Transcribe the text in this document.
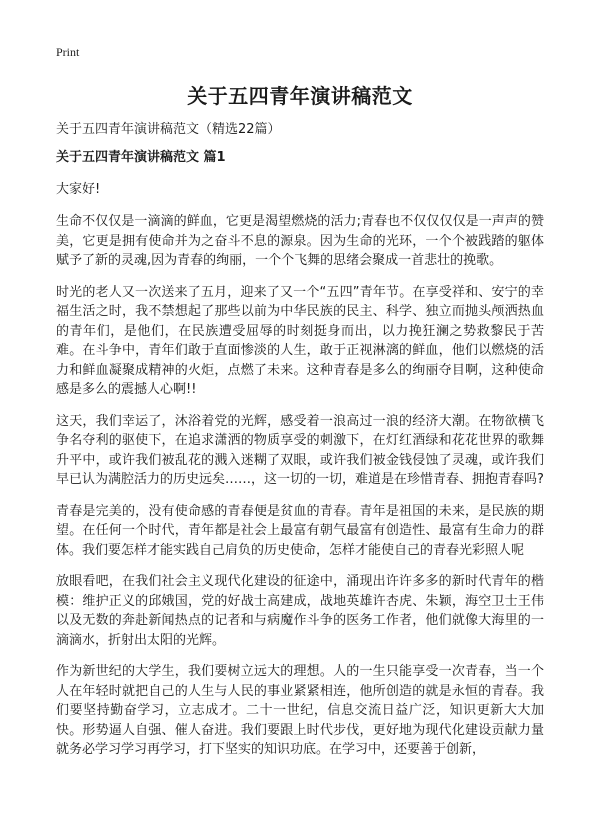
Print
关于五四青年演讲稿范文
关于五四青年演讲稿范文（精选22篇）
关于五四青年演讲稿范文 篇1
大家好!

生命不仅仅是一滴滴的鲜血，它更是渴望燃烧的活力;青春也不仅仅仅仅是一声声的赞美，它更是拥有使命并为之奋斗不息的源泉。因为生命的光环，一个个被践踏的躯体赋予了新的灵魂,因为青春的绚丽，一个个飞舞的思绪会聚成一首悲壮的挽歌。

时光的老人又一次送来了五月，迎来了又一个“五四”青年节。在享受祥和、安宁的幸福生活之时，我不禁想起了那些以前为中华民族的民主、科学、独立而抛头颅洒热血的青年们，是他们，在民族遭受屈辱的时刻挺身而出，以力挽狂澜之势救黎民于苦难。在斗争中，青年们敢于直面惨淡的人生，敢于正视淋漓的鲜血，他们以燃烧的活力和鲜血凝聚成精神的火炬，点燃了未来。这种青春是多么的绚丽夺目啊，这种使命感是多么的震撼人心啊!!

这天，我们幸运了，沐浴着党的光辉，感受着一浪高过一浪的经济大潮。在物欲横飞争名夺利的驱使下，在追求潇洒的物质享受的刺激下，在灯红酒绿和花花世界的歌舞升平中，或许我们被乱花的溅入迷糊了双眼，或许我们被金钱侵蚀了灵魂，或许我们早已认为满腔活力的历史远矣……，这一切的一切，难道是在珍惜青春、拥抱青春吗?

青春是完美的，没有使命感的青春便是贫血的青春。青年是祖国的未来，是民族的期望。在任何一个时代，青年都是社会上最富有朝气最富有创造性、最富有生命力的群体。我们要怎样才能实践自己肩负的历史使命，怎样才能使自己的青春光彩照人呢

放眼看吧，在我们社会主义现代化建设的征途中，涌现出许许多多的新时代青年的楷模：维护正义的邱娥国，党的好战士高建成，战地英雄许杏虎、朱颖，海空卫士王伟以及无数的奔赴新闻热点的记者和与病魔作斗争的医务工作者，他们就像大海里的一滴滴水，折射出太阳的光辉。

作为新世纪的大学生，我们要树立远大的理想。人的一生只能享受一次青春，当一个人在年轻时就把自己的人生与人民的事业紧紧相连，他所创造的就是永恒的青春。我们要坚持勤奋学习，立志成才。二十一世纪，信息交流日益广泛，知识更新大大加快。形势逼人自强、催人奋进。我们要跟上时代步伐，更好地为现代化建设贡献力量就务必学习学习再学习，打下坚实的知识功底。在学习中，还要善于创新，
